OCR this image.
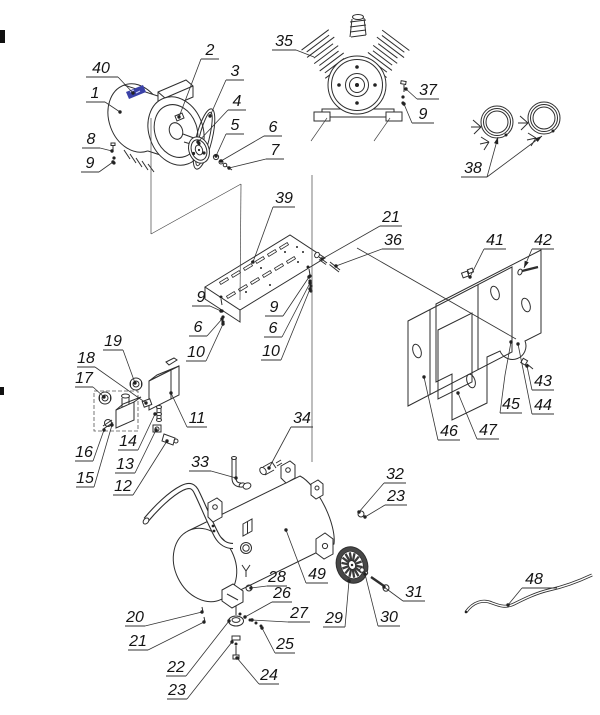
40
1
8
9
2
3
4
5 6
7
35
37
9
38
39
21
36
9
6
10
9
6
10
41 42
43
44
45
46 47
19
18
17
16
15
14
13
12
11
33
34
49
28
26
27
25
24
22
23
20
21
29 30
31
32
23
48
